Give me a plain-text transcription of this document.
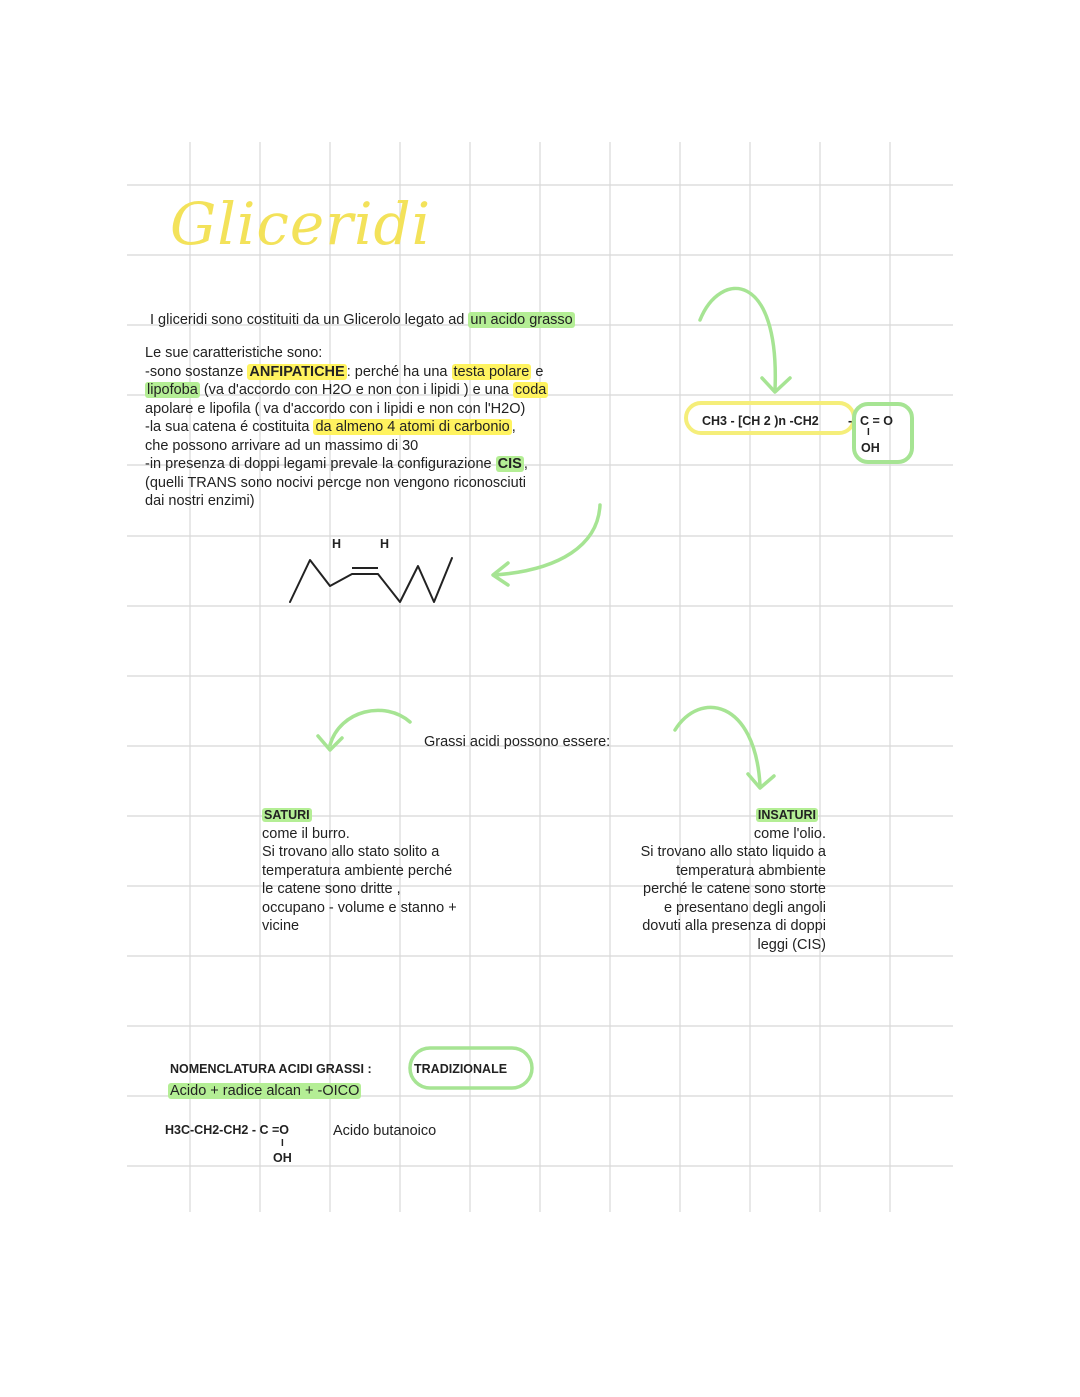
Gliceridi
I gliceridi sono costituiti da un Glicerolo legato ad un acido grasso
Le sue caratteristiche sono:
-sono sostanze ANFIPATICHE : perché ha una testa polare e
lipofoba (va d'accordo con H2O e non con i lipidi ) e una coda
apolare e lipofila ( va d'accordo con i lipidi e non con l'H2O)
-la sua catena é costituita da almeno 4 atomi di carbonio ,
che possono arrivare ad un massimo di 30
-in presenza di doppi legami prevale la configurazione CIS ,
(quelli TRANS sono nocivi percge non vengono riconosciuti
dai nostri enzimi)
CH3 - [CH 2 )n -CH2 - C = O
I
OH
H	H
Grassi acidi possono essere:
SATURI
come il burro.
Si trovano allo stato solito a
temperatura ambiente perché
le catene sono dritte ,
occupano - volume e stanno +
vicine
INSATURI
come l'olio.
Si trovano allo stato liquido a
temperatura abmbiente
perché le catene sono storte
e presentano degli angoli
dovuti alla presenza di doppi
leggi (CIS)
NOMENCLATURA ACIDI GRASSI :	TRADIZIONALE
Acido + radice alcan + -OICO
H3C-CH2-CH2 - C =O
I
OH
Acido butanoico
